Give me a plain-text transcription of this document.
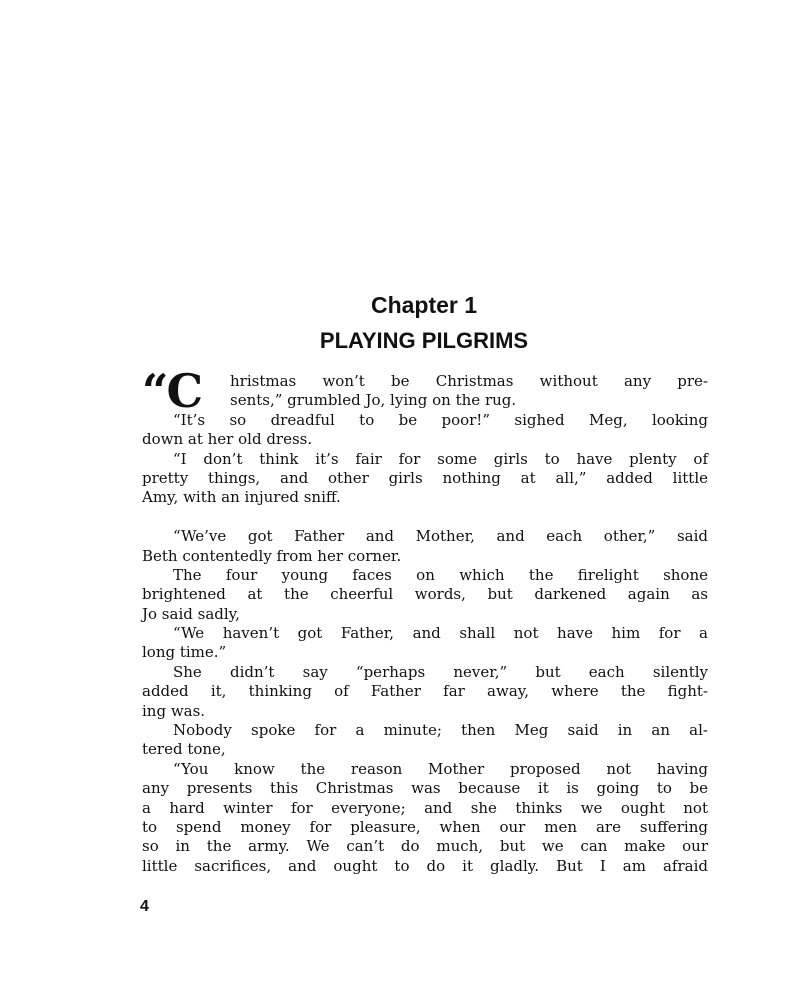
Chapter 1
PLAYING PILGRIMS
“C hristmas won’t be Christmas without any pre-
sents,” grumbled Jo, lying on the rug.
“It’s so dreadful to be poor!” sighed Meg, looking
down at her old dress.
“I don’t think it’s fair for some girls to have plenty of
pretty things, and other girls nothing at all,” added little
Amy, with an injured sniff.
“We’ve got Father and Mother, and each other,” said
Beth contentedly from her corner.
The four young faces on which the firelight shone
brightened at the cheerful words, but darkened again as
Jo said sadly,
“We haven’t got Father, and shall not have him for a
long time.”
She didn’t say “perhaps never,” but each silently
added it, thinking of Father far away, where the fight-
ing was.
Nobody spoke for a minute; then Meg said in an al-
tered tone,
“You know the reason Mother proposed not having
any presents this Christmas was because it is going to be
a hard winter for everyone; and she thinks we ought not
to spend money for pleasure, when our men are suffering
so in the army. We can’t do much, but we can make our
little sacrifices, and ought to do it gladly. But I am afraid
4
